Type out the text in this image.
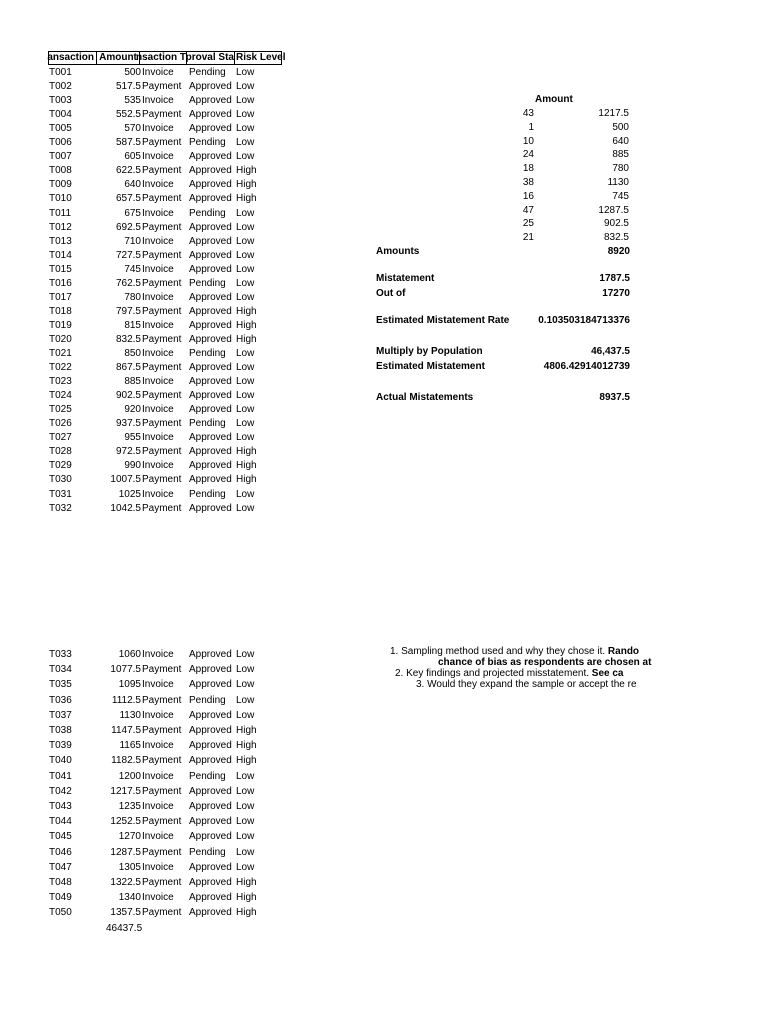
ansaction Amount nsaction T proval Sta Risk Level
T001	500 Invoice Pending Low
T002	517.5 Payment Approved Low
T003	535 Invoice Approved Low
T004	552.5 Payment Approved Low
T005	570 Invoice Approved Low
T006	587.5 Payment Pending Low
T007	605 Invoice Approved Low
T008	622.5 Payment Approved High
T009	640 Invoice Approved High
T010	657.5 Payment Approved High
T011	675 Invoice Pending Low
T012	692.5 Payment Approved Low
T013	710 Invoice Approved Low
T014	727.5 Payment Approved Low
T015	745 Invoice Approved Low
T016	762.5 Payment Pending Low
T017	780 Invoice Approved Low
T018	797.5 Payment Approved High
T019	815 Invoice Approved High
T020	832.5 Payment Approved High
T021	850 Invoice Pending Low
T022	867.5 Payment Approved Low
T023	885 Invoice Approved Low
T024	902.5 Payment Approved Low
T025	920 Invoice Approved Low
T026	937.5 Payment Pending Low
T027	955 Invoice Approved Low
T028	972.5 Payment Approved High
T029	990 Invoice Approved High
T030	1007.5 Payment Approved High
T031	1025 Invoice Pending Low
T032	1042.5 Payment Approved Low
T033	1060 Invoice Approved Low
T034	1077.5 Payment Approved Low
T035	1095 Invoice Approved Low
T036	1112.5 Payment Pending Low
T037	1130 Invoice Approved Low
T038	1147.5 Payment Approved High
T039	1165 Invoice Approved High
T040	1182.5 Payment Approved High
T041	1200 Invoice Pending Low
T042	1217.5 Payment Approved Low
T043	1235 Invoice Approved Low
T044	1252.5 Payment Approved Low
T045	1270 Invoice Approved Low
T046	1287.5 Payment Pending Low
T047	1305 Invoice Approved Low
T048	1322.5 Payment Approved High
T049	1340 Invoice Approved High
T050	1357.5 Payment Approved High
46437.5
Amount
43	1217.5
1	500
10	640
24	885
18	780
38	1130
16	745
47	1287.5
25	902.5
21	832.5
Amounts	8920
Mistatement	1787.5
Out of	17270
Estimated Mistatement Rate	0.103503184713376
Multiply by Population	46,437.5
Estimated Mistatement	4806.42914012739
Actual Mistatements	8937.5
1. Sampling method used and why they chose it. Rando
chance of bias as respondents are chosen at
2. Key findings and projected misstatement. See ca
3. Would they expand the sample or accept the re
